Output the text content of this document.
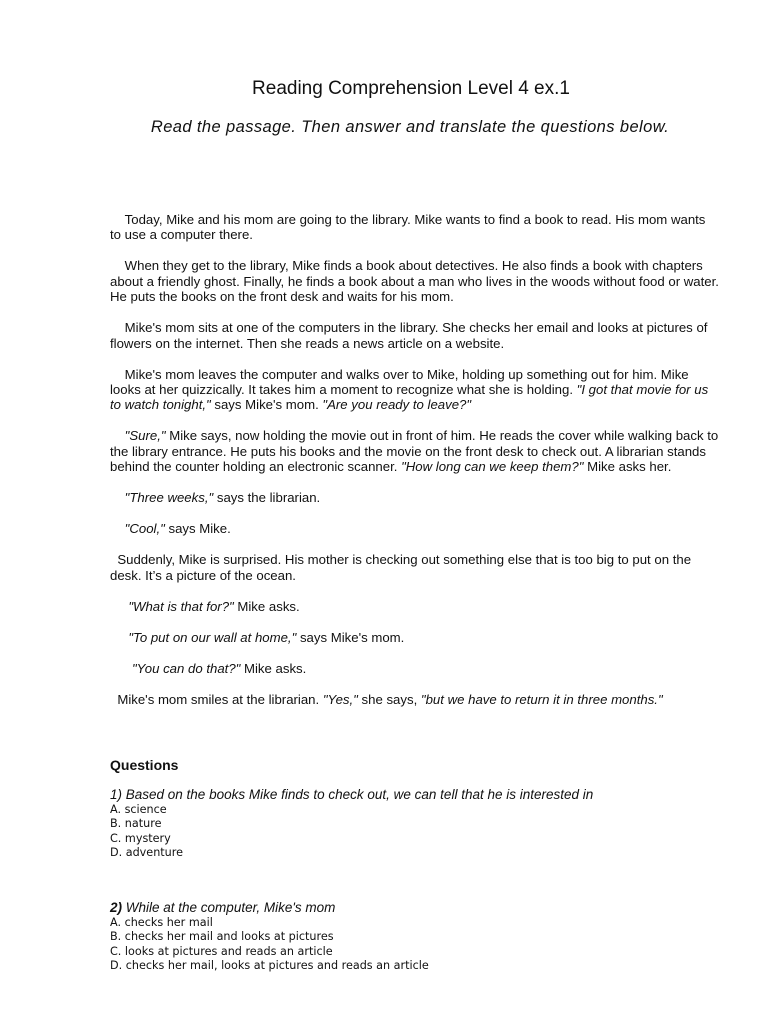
Reading Comprehension Level 4 ex.1
Read the passage. Then answer and translate the questions below.

Today, Mike and his mom are going to the library. Mike wants to find a book to read. His mom wants to use a computer there.

When they get to the library, Mike finds a book about detectives. He also finds a book with chapters about a friendly ghost. Finally, he finds a book about a man who lives in the woods without food or water. He puts the books on the front desk and waits for his mom.

Mike's mom sits at one of the computers in the library. She checks her email and looks at pictures of flowers on the internet. Then she reads a news article on a website.

Mike's mom leaves the computer and walks over to Mike, holding up something out for him. Mike looks at her quizzically. It takes him a moment to recognize what she is holding. "I got that movie for us to watch tonight," says Mike's mom. "Are you ready to leave?"

"Sure," Mike says, now holding the movie out in front of him. He reads the cover while walking back to the library entrance. He puts his books and the movie on the front desk to check out. A librarian stands behind the counter holding an electronic scanner. "How long can we keep them?" Mike asks her.

"Three weeks," says the librarian.

"Cool," says Mike.

Suddenly, Mike is surprised. His mother is checking out something else that is too big to put on the desk. It’s a picture of the ocean.

"What is that for?" Mike asks.

"To put on our wall at home," says Mike's mom.

"You can do that?" Mike asks.

Mike's mom smiles at the librarian. "Yes," she says, "but we have to return it in three months."

Questions
1) Based on the books Mike finds to check out, we can tell that he is interested in
A. science
B. nature
C. mystery
D. adventure
2) While at the computer, Mike's mom
A. checks her mail
B. checks her mail and looks at pictures
C. looks at pictures and reads an article
D. checks her mail, looks at pictures and reads an article
